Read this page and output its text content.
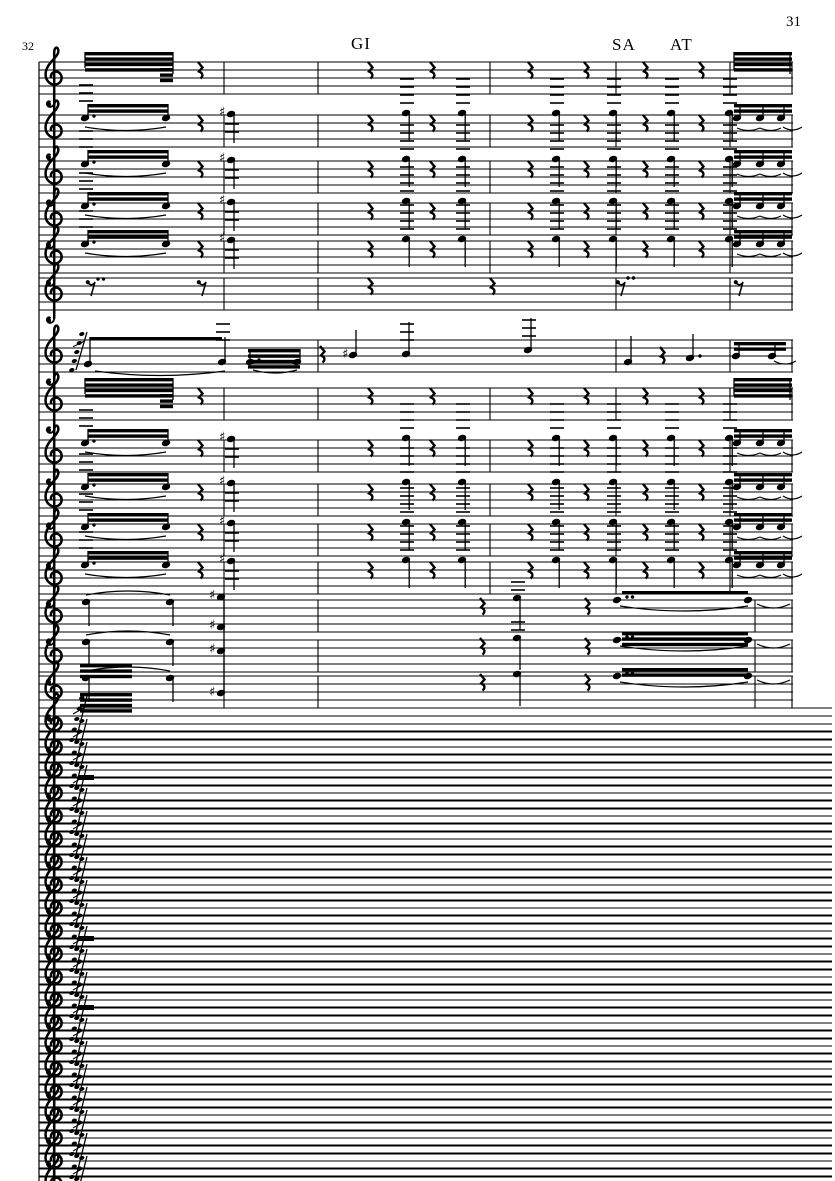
♯
♯
♯
♯
♯
♯
♯
♯
♯
♯
♯
♯
♯
31
32	GI	SA AT
